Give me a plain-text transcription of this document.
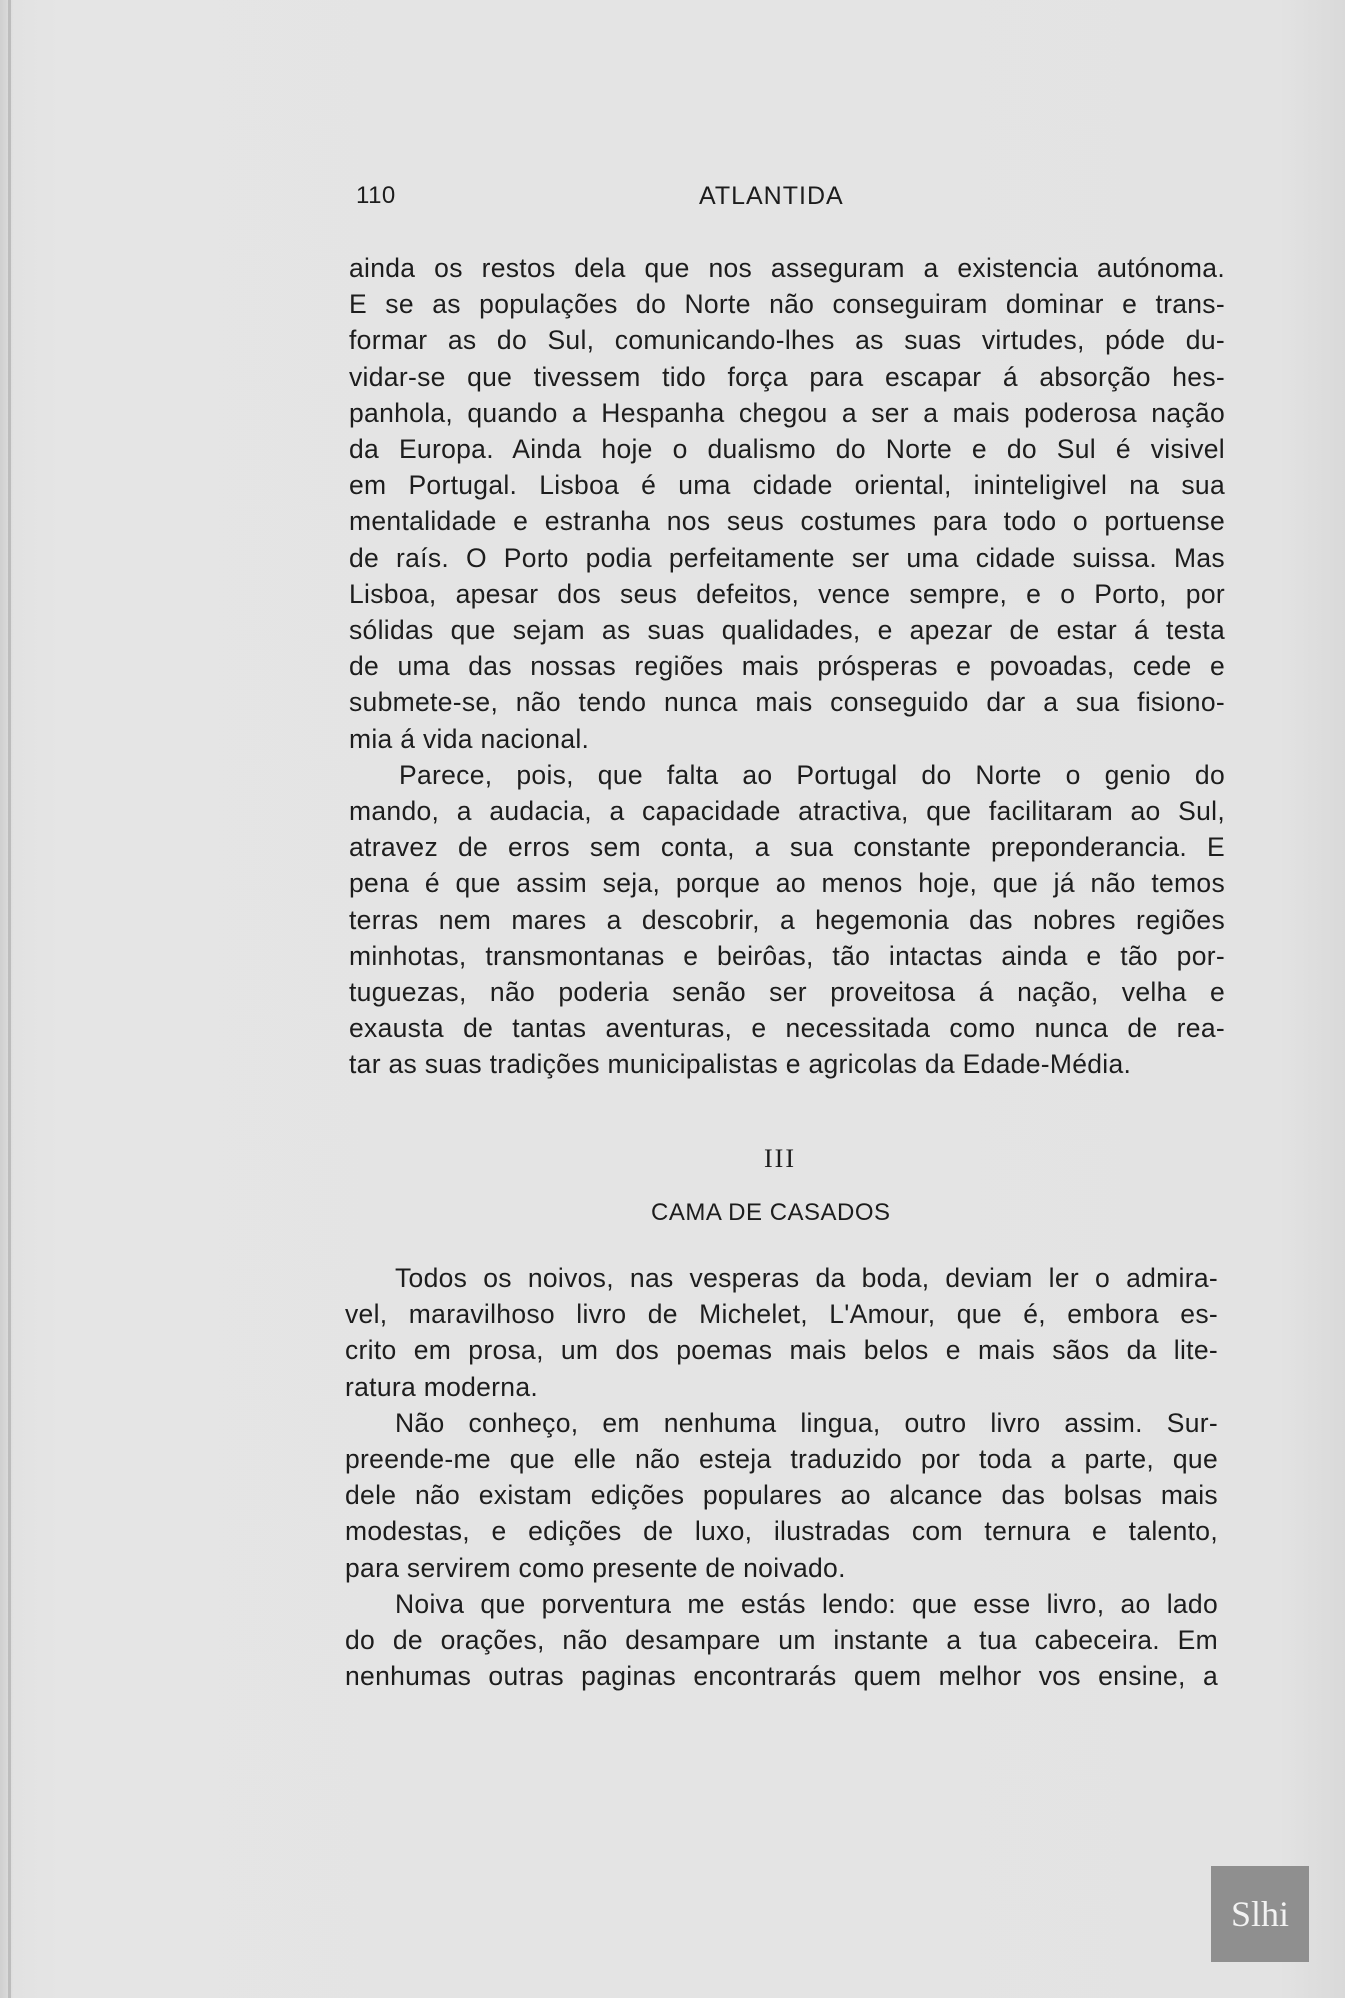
110	ATLANTIDA

ainda os restos dela que nos asseguram a existencia autónoma.
E se as populações do Norte não conseguiram dominar e trans-
formar as do Sul, comunicando-lhes as suas virtudes, póde du-
vidar-se que tivessem tido força para escapar á absorção hes-
panhola, quando a Hespanha chegou a ser a mais poderosa nação
da Europa. Ainda hoje o dualismo do Norte e do Sul é visivel
em Portugal. Lisboa é uma cidade oriental, ininteligivel na sua
mentalidade e estranha nos seus costumes para todo o portuense
de raís. O Porto podia perfeitamente ser uma cidade suissa. Mas
Lisboa, apesar dos seus defeitos, vence sempre, e o Porto, por
sólidas que sejam as suas qualidades, e apezar de estar á testa
de uma das nossas regiões mais prósperas e povoadas, cede e
submete-se, não tendo nunca mais conseguido dar a sua fisiono-
mia á vida nacional.

Parece, pois, que falta ao Portugal do Norte o genio do
mando, a audacia, a capacidade atractiva, que facilitaram ao Sul,
atravez de erros sem conta, a sua constante preponderancia. E
pena é que assim seja, porque ao menos hoje, que já não temos
terras nem mares a descobrir, a hegemonia das nobres regiões
minhotas, transmontanas e beirôas, tão intactas ainda e tão por-
tuguezas, não poderia senão ser proveitosa á nação, velha e
exausta de tantas aventuras, e necessitada como nunca de rea-
tar as suas tradições municipalistas e agricolas da Edade-Média.

III
CAMA DE CASADOS

Todos os noivos, nas vesperas da boda, deviam ler o admira-
vel, maravilhoso livro de Michelet, L'Amour, que é, embora es-
crito em prosa, um dos poemas mais belos e mais sãos da lite-
ratura moderna.

Não conheço, em nenhuma lingua, outro livro assim. Sur-
preende-me que elle não esteja traduzido por toda a parte, que
dele não existam edições populares ao alcance das bolsas mais
modestas, e edições de luxo, ilustradas com ternura e talento,
para servirem como presente de noivado.

Noiva que porventura me estás lendo: que esse livro, ao lado
do de orações, não desampare um instante a tua cabeceira. Em
nenhumas outras paginas encontrarás quem melhor vos ensine, a

Slhi
